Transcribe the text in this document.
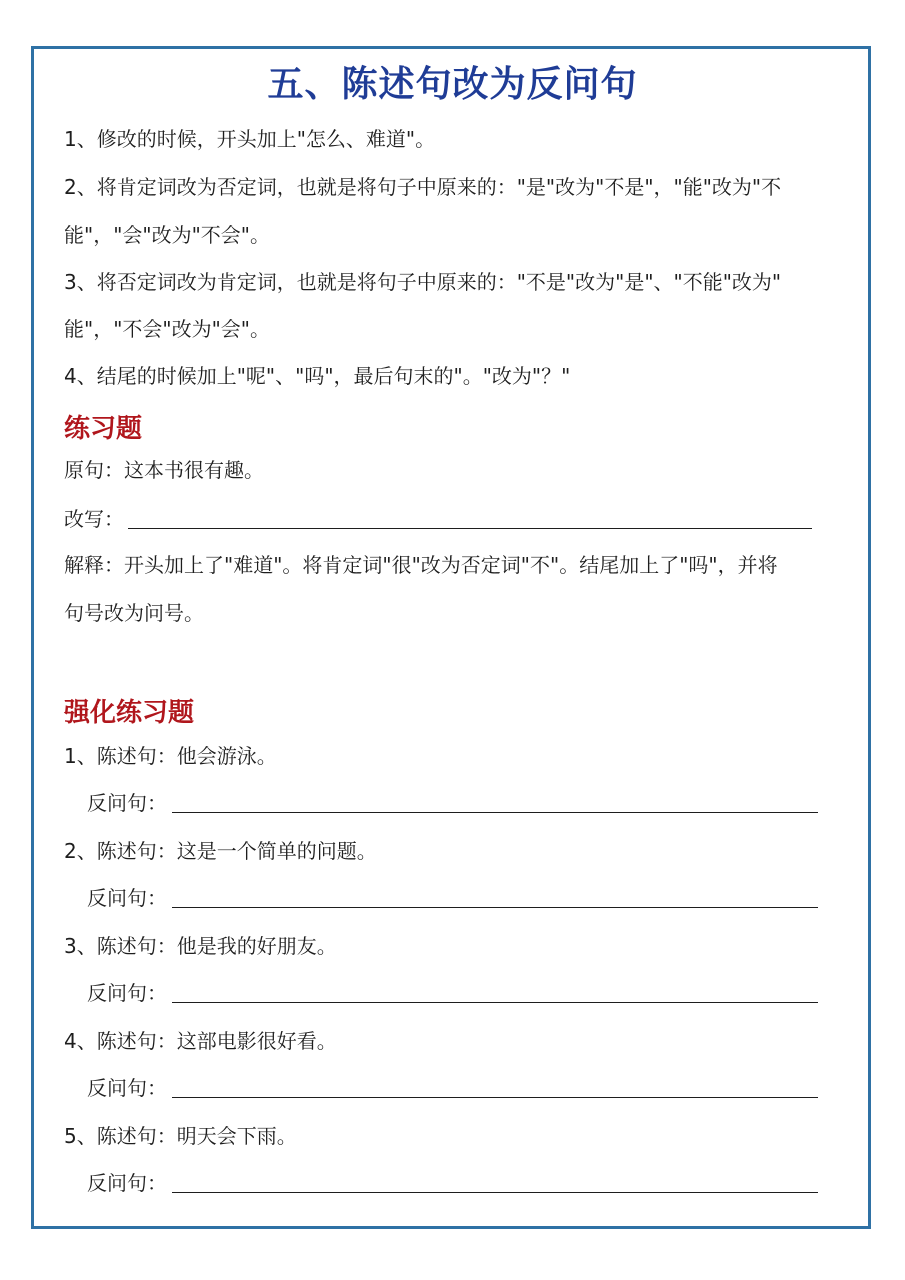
五、陈述句改为反问句
1、修改的时候，开头加上"怎么、难道"。
2、将肯定词改为否定词，也就是将句子中原来的："是"改为"不是"，"能"改为"不
能"，"会"改为"不会"。
3、将否定词改为肯定词，也就是将句子中原来的："不是"改为"是"、"不能"改为"
能"，"不会"改为"会"。
4、结尾的时候加上"呢"、"吗"，最后句末的"。"改为"？"
练习题
原句：这本书很有趣。
改写：
解释：开头加上了"难道"。将肯定词"很"改为否定词"不"。结尾加上了"吗"，并将
句号改为问号。
强化练习题
1、陈述句：他会游泳。
反问句：
2、陈述句：这是一个简单的问题。
反问句：
3、陈述句：他是我的好朋友。
反问句：
4、陈述句：这部电影很好看。
反问句：
5、陈述句：明天会下雨。
反问句：
